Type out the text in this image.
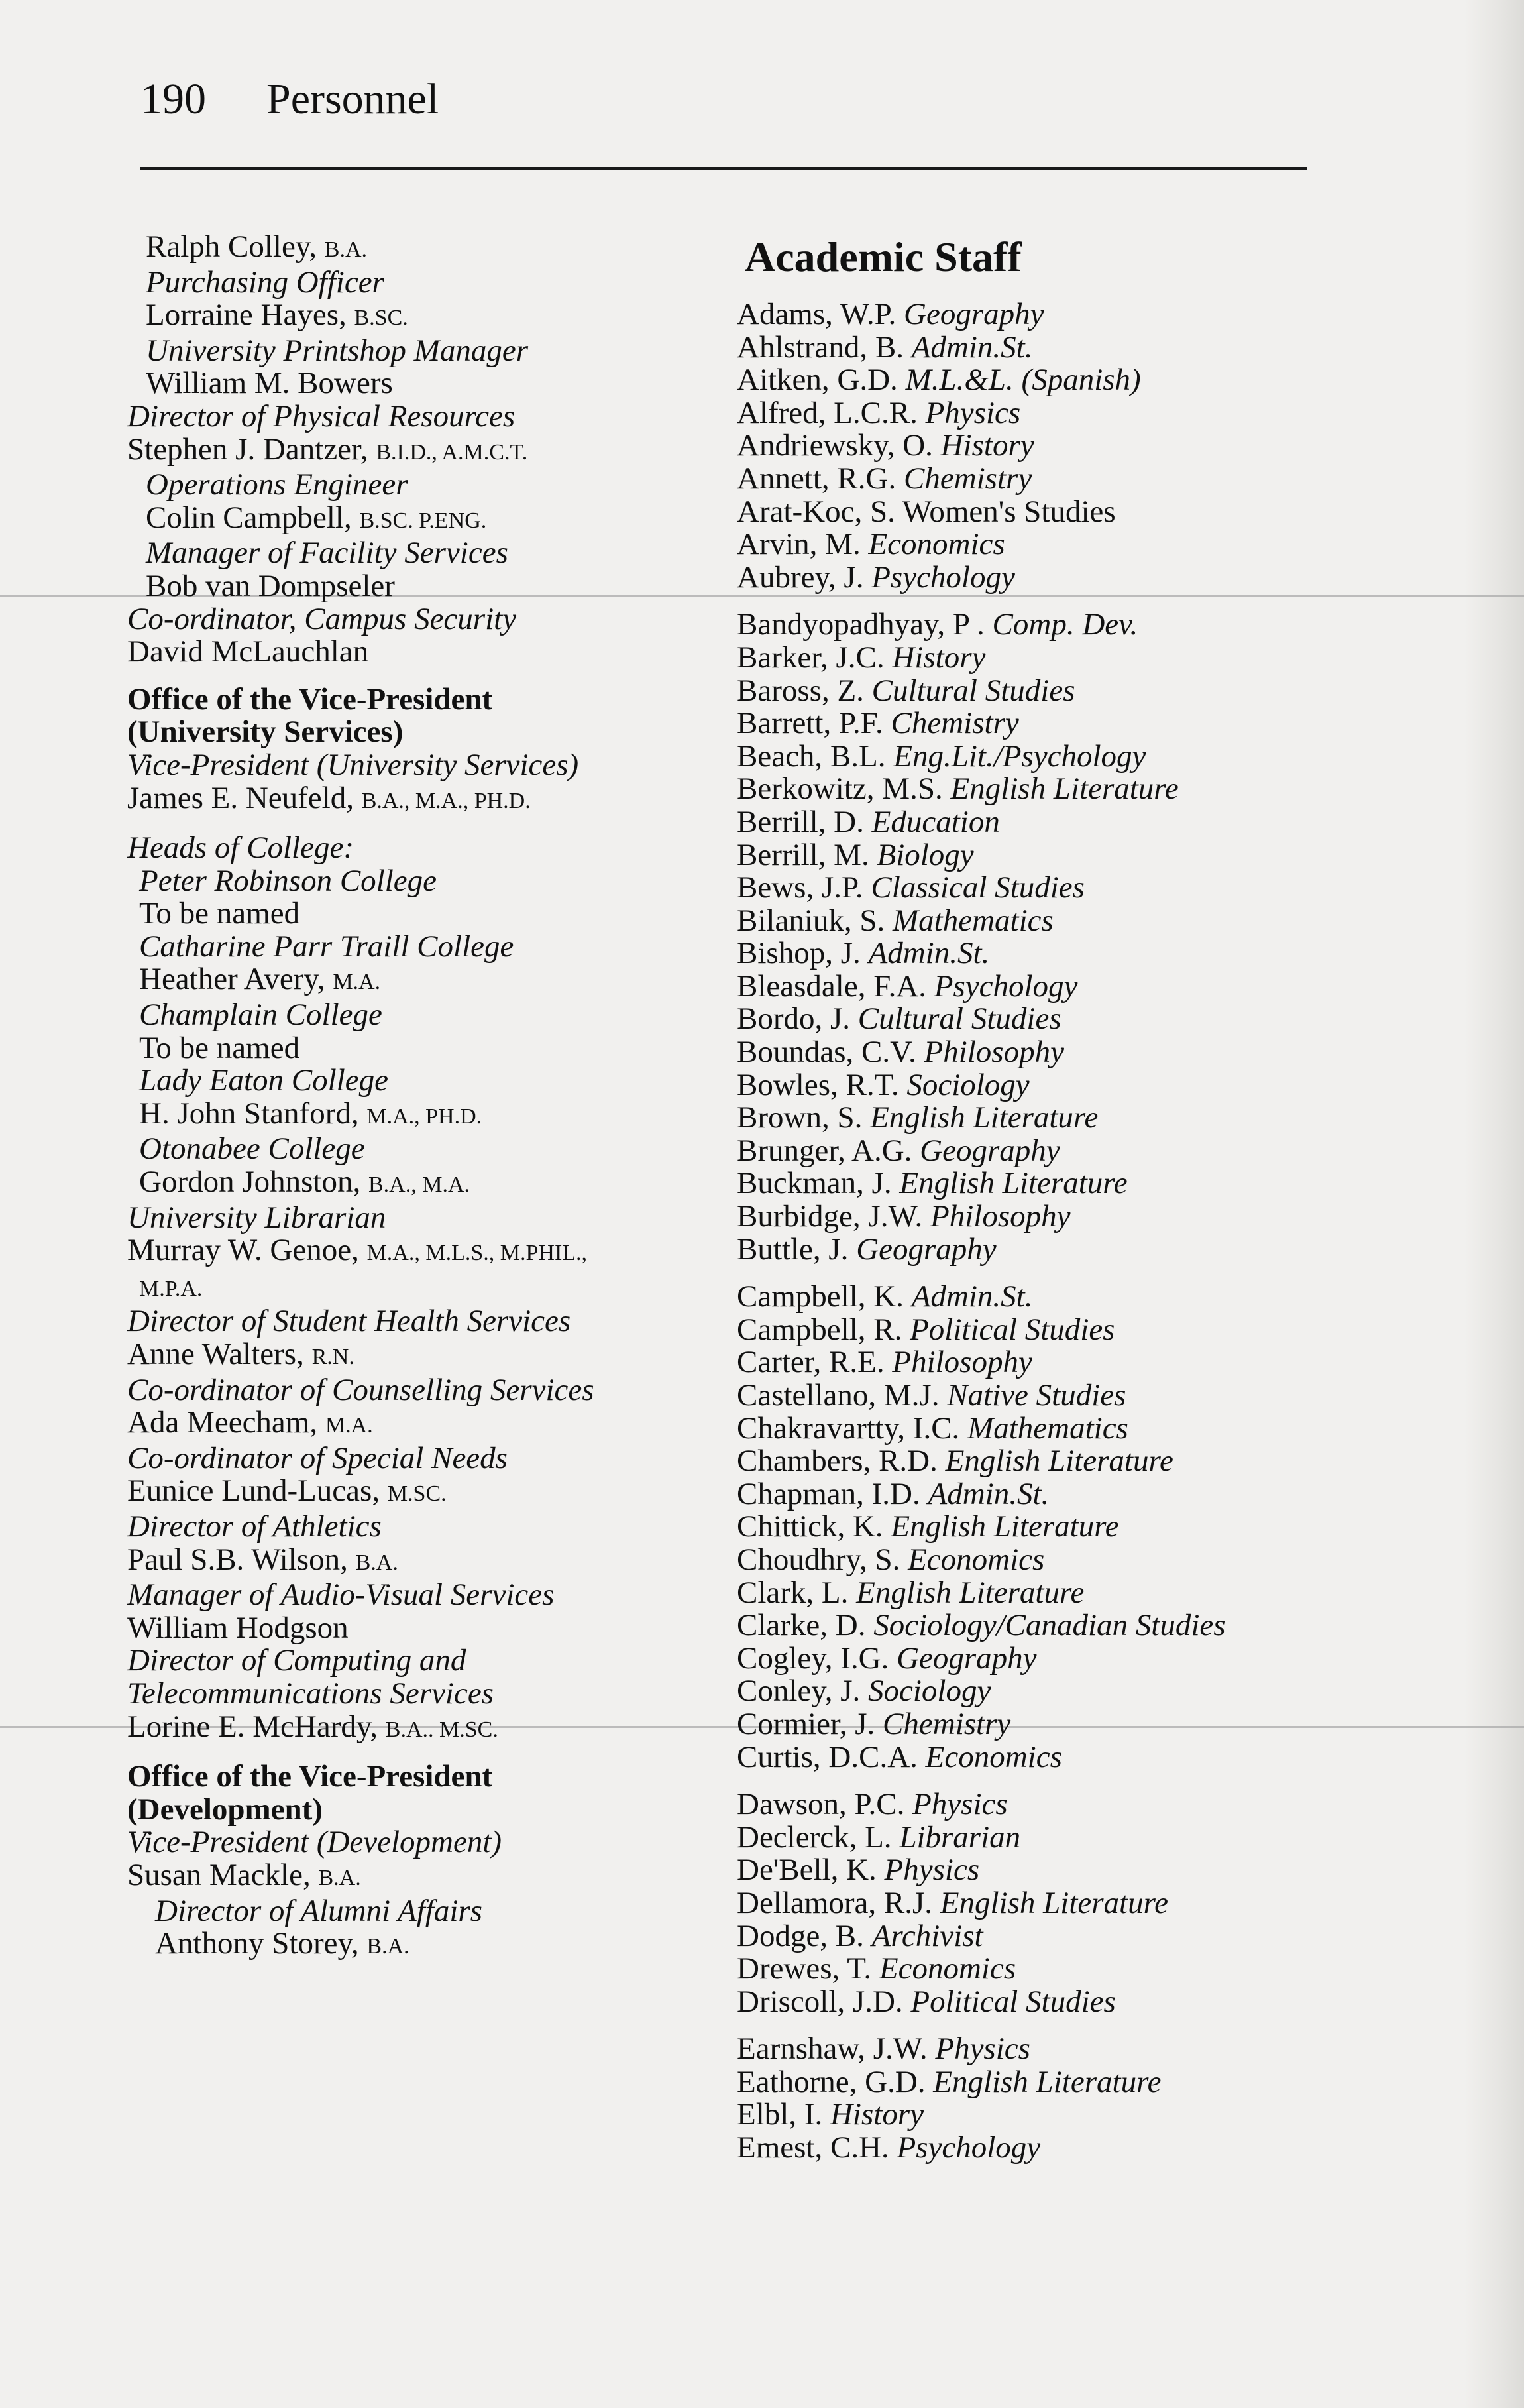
190 Personnel
Ralph Colley, B.A.
Purchasing Officer
Lorraine Hayes, B.SC.
University Printshop Manager
William M. Bowers
Director of Physical Resources
Stephen J. Dantzer, B.I.D., A.M.C.T.
Operations Engineer
Colin Campbell, B.SC. P.ENG.
Manager of Facility Services
Bob van Dompseler
Co-ordinator, Campus Security
David McLauchlan
Office of the Vice-President
(University Services)
Vice-President (University Services)
James E. Neufeld, B.A., M.A., PH.D.
Heads of College:
Peter Robinson College
To be named
Catharine Parr Traill College
Heather Avery, M.A.
Champlain College
To be named
Lady Eaton College
H. John Stanford, M.A., PH.D.
Otonabee College
Gordon Johnston, B.A., M.A.
University Librarian
Murray W. Genoe, M.A., M.L.S., M.PHIL.,
M.P.A.
Director of Student Health Services
Anne Walters, R.N.
Co-ordinator of Counselling Services
Ada Meecham, M.A.
Co-ordinator of Special Needs
Eunice Lund-Lucas, M.SC.
Director of Athletics
Paul S.B. Wilson, B.A.
Manager of Audio-Visual Services
William Hodgson
Director of Computing and
Telecommunications Services
Lorine E. McHardy, B.A.. M.SC.
Office of the Vice-President
(Development)
Vice-President (Development)
Susan Mackle, B.A.
Director of Alumni Affairs
Anthony Storey, B.A.
Academic Staff
Adams, W.P. Geography
Ahlstrand, B. Admin.St.
Aitken, G.D. M.L.&L. (Spanish)
Alfred, L.C.R. Physics
Andriewsky, O. History
Annett, R.G. Chemistry
Arat-Koc, S. Women's Studies
Arvin, M. Economics
Aubrey, J. Psychology
Bandyopadhyay, P . Comp. Dev.
Barker, J.C. History
Baross, Z. Cultural Studies
Barrett, P.F. Chemistry
Beach, B.L. Eng.Lit./Psychology
Berkowitz, M.S. English Literature
Berrill, D. Education
Berrill, M. Biology
Bews, J.P. Classical Studies
Bilaniuk, S. Mathematics
Bishop, J. Admin.St.
Bleasdale, F.A. Psychology
Bordo, J. Cultural Studies
Boundas, C.V. Philosophy
Bowles, R.T. Sociology
Brown, S. English Literature
Brunger, A.G. Geography
Buckman, J. English Literature
Burbidge, J.W. Philosophy
Buttle, J. Geography
Campbell, K. Admin.St.
Campbell, R. Political Studies
Carter, R.E. Philosophy
Castellano, M.J. Native Studies
Chakravartty, I.C. Mathematics
Chambers, R.D. English Literature
Chapman, I.D. Admin.St.
Chittick, K. English Literature
Choudhry, S. Economics
Clark, L. English Literature
Clarke, D. Sociology/Canadian Studies
Cogley, I.G. Geography
Conley, J. Sociology
Cormier, J. Chemistry
Curtis, D.C.A. Economics
Dawson, P.C. Physics
Declerck, L. Librarian
De'Bell, K. Physics
Dellamora, R.J. English Literature
Dodge, B. Archivist
Drewes, T. Economics
Driscoll, J.D. Political Studies
Earnshaw, J.W. Physics
Eathorne, G.D. English Literature
Elbl, I. History
Emest, C.H. Psychology
